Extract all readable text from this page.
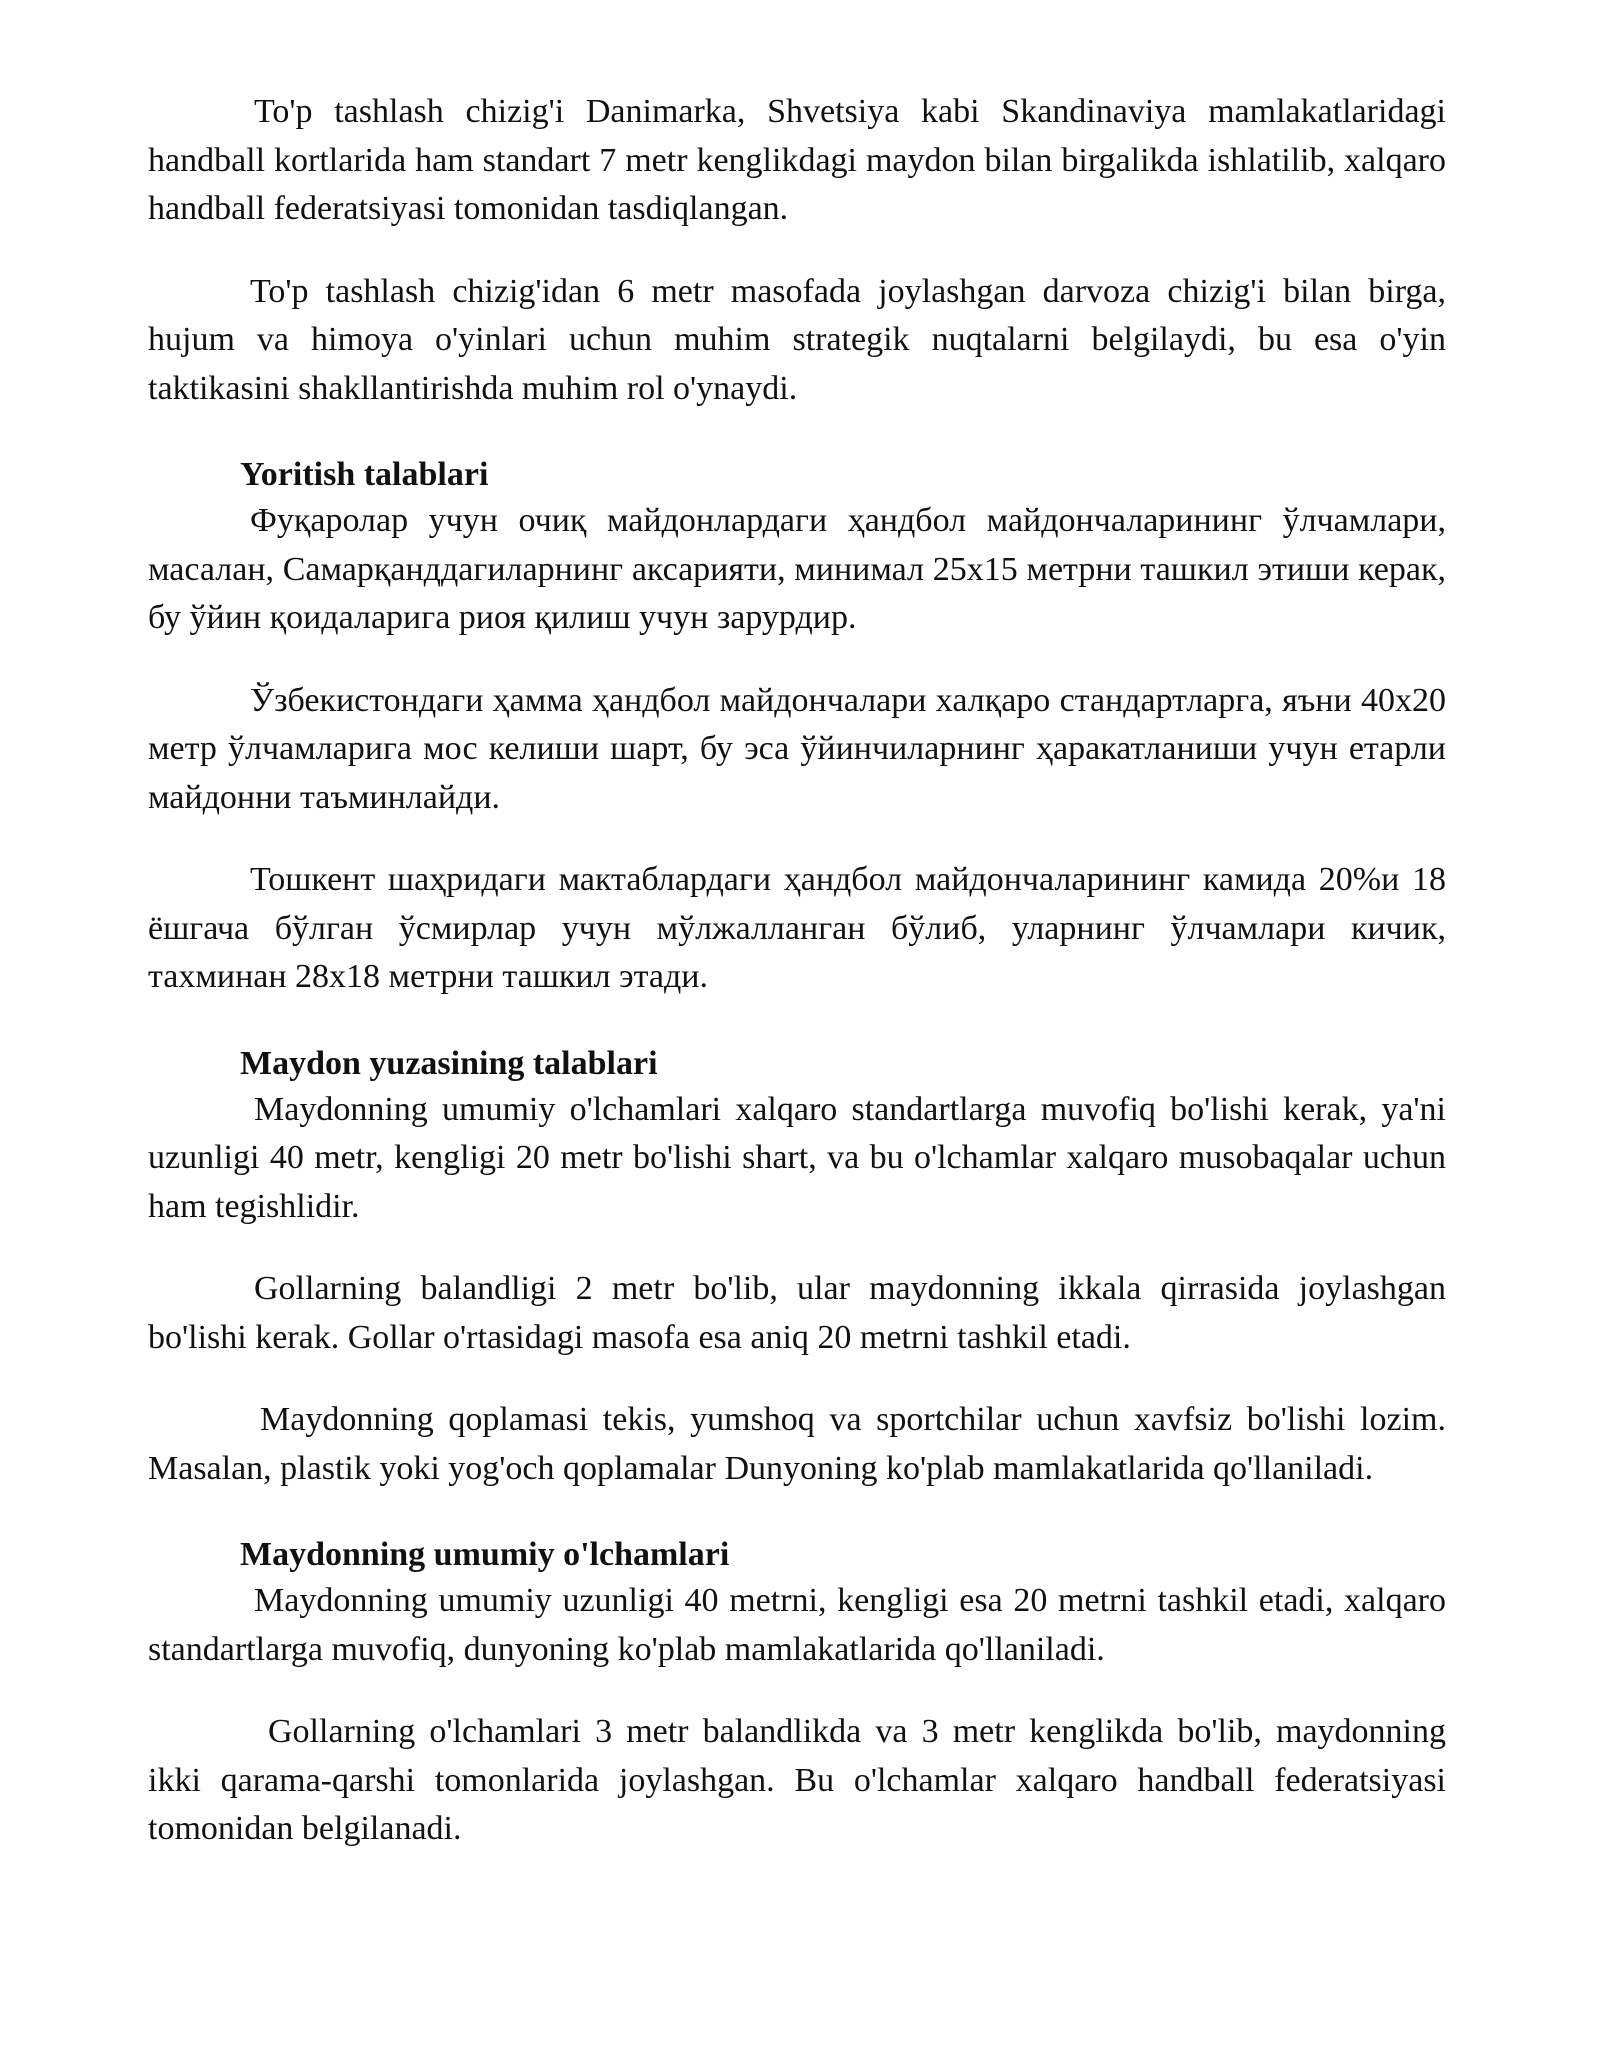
To'p tashlash chizig'i Danimarka, Shvetsiya kabi Skandinaviya mamlakatlaridagi handball kortlarida ham standart 7 metr kenglikdagi maydon bilan birgalikda ishlatilib, xalqaro handball federatsiyasi tomonidan tasdiqlangan.

To'p tashlash chizig'idan 6 metr masofada joylashgan darvoza chizig'i bilan birga, hujum va himoya o'yinlari uchun muhim strategik nuqtalarni belgilaydi, bu esa o'yin taktikasini shakllantirishda muhim rol o'ynaydi.

Yoritish talablari

Фуқаролар учун очиқ майдонлардаги ҳандбол майдончаларининг ўлчамлари, масалан, Самарқанддагиларнинг аксарияти, минимал 25x15 метрни ташкил этиши керак, бу ўйин қоидаларига риоя қилиш учун зарурдир.

Ўзбекистондаги ҳамма ҳандбол майдончалари халқаро стандартларга, яъни 40x20 метр ўлчамларига мос келиши шарт, бу эса ўйинчиларнинг ҳаракатланиши учун етарли майдонни таъминлайди.

Тошкент шаҳридаги мактаблардаги ҳандбол майдончаларининг камида 20%и 18 ёшгача бўлган ўсмирлар учун мўлжалланган бўлиб, уларнинг ўлчамлари кичик, тахминан 28x18 метрни ташкил этади.

Maydon yuzasining talablari

Maydonning umumiy o'lchamlari xalqaro standartlarga muvofiq bo'lishi kerak, ya'ni uzunligi 40 metr, kengligi 20 metr bo'lishi shart, va bu o'lchamlar xalqaro musobaqalar uchun ham tegishlidir.

Gollarning balandligi 2 metr bo'lib, ular maydonning ikkala qirrasida joylashgan bo'lishi kerak. Gollar o'rtasidagi masofa esa aniq 20 metrni tashkil etadi.

Maydonning qoplamasi tekis, yumshoq va sportchilar uchun xavfsiz bo'lishi lozim. Masalan, plastik yoki yog'och qoplamalar Dunyoning ko'plab mamlakatlarida qo'llaniladi.

Maydonning umumiy o'lchamlari

Maydonning umumiy uzunligi 40 metrni, kengligi esa 20 metrni tashkil etadi, xalqaro standartlarga muvofiq, dunyoning ko'plab mamlakatlarida qo'llaniladi.

Gollarning o'lchamlari 3 metr balandlikda va 3 metr kenglikda bo'lib, maydonning ikki qarama-qarshi tomonlarida joylashgan. Bu o'lchamlar xalqaro handball federatsiyasi tomonidan belgilanadi.
